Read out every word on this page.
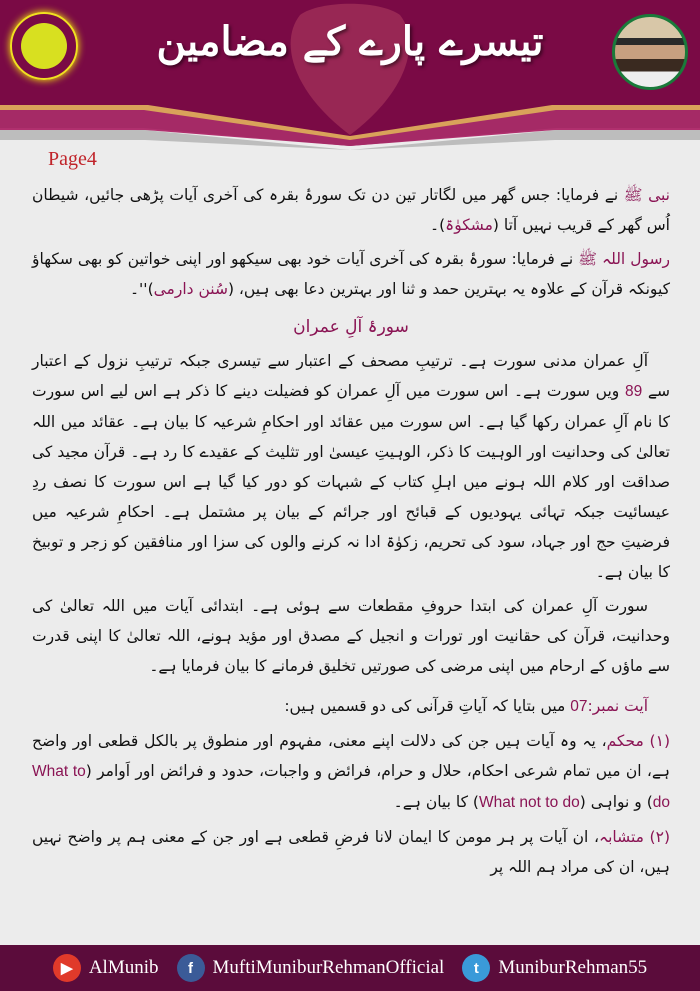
تیسرے پارے کے مضامین
Page4

نبی ﷺ نے فرمایا: جس گھر میں لگاتار تین دن تک سورۂ بقرہ کی آخری آیات پڑھی جائیں، شیطان اُس گھر کے قریب نہیں آتا (مشکوٰۃ)۔

رسول اللہ ﷺ نے فرمایا: سورۂ بقرہ کی آخری آیات خود بھی سیکھو اور اپنی خواتین کو بھی سکھاؤ کیونکہ قرآن کے علاوہ یہ بہترین حمد و ثنا اور بہترین دعا بھی ہیں، (سُنن دارمی)''۔

سورۂ آلِ عمران

آلِ عمران مدنی سورت ہے۔ ترتیبِ مصحف کے اعتبار سے تیسری جبکہ ترتیبِ نزول کے اعتبار سے 89 ویں سورت ہے۔ اس سورت میں آلِ عمران کو فضیلت دینے کا ذکر ہے اس لیے اس سورت کا نام آلِ عمران رکھا گیا ہے۔ اس سورت میں عقائد اور احکامِ شرعیہ کا بیان ہے۔ عقائد میں اللہ تعالیٰ کی وحدانیت اور الوہیت کا ذکر، الوہیتِ عیسیٰ اور تثلیث کے عقیدے کا رد ہے۔ قرآن مجید کی صداقت اور کلام اللہ ہونے میں اہلِ کتاب کے شبہات کو دور کیا گیا ہے اس سورت کا نصف ردِ عیسائیت جبکہ تہائی یہودیوں کے قبائح اور جرائم کے بیان پر مشتمل ہے۔ احکامِ شرعیہ میں فرضیتِ حج اور جہاد، سود کی تحریم، زکوٰۃ ادا نہ کرنے والوں کی سزا اور منافقین کو زجر و توبیخ کا بیان ہے۔

سورت آلِ عمران کی ابتدا حروفِ مقطعات سے ہوئی ہے۔ ابتدائی آیات میں اللہ تعالیٰ کی وحدانیت، قرآن کی حقانیت اور تورات و انجیل کے مصدق اور مؤید ہونے، اللہ تعالیٰ کا اپنی قدرت سے ماؤں کے ارحام میں اپنی مرضی کی صورتیں تخلیق فرمانے کا بیان فرمایا ہے۔

آیت نمبر:07 میں بتایا کہ آیاتِ قرآنی کی دو قسمیں ہیں:

(۱) محکم، یہ وہ آیات ہیں جن کی دلالت اپنے معنی، مفہوم اور منطوق پر بالکل قطعی اور واضح ہے، ان میں تمام شرعی احکام، حلال و حرام، فرائض و واجبات، حدود و فرائض اور اَوامر (What to do) و نواہی (What not to do) کا بیان ہے۔

(۲) متشابہ، ان آیات پر ہر مومن کا ایمان لانا فرضِ قطعی ہے اور جن کے معنی ہم پر واضح نہیں ہیں، ان کی مراد ہم اللہ پر

▶ AlMunib	f	MuftiMuniburRehmanOfficial	t	MuniburRehman55
